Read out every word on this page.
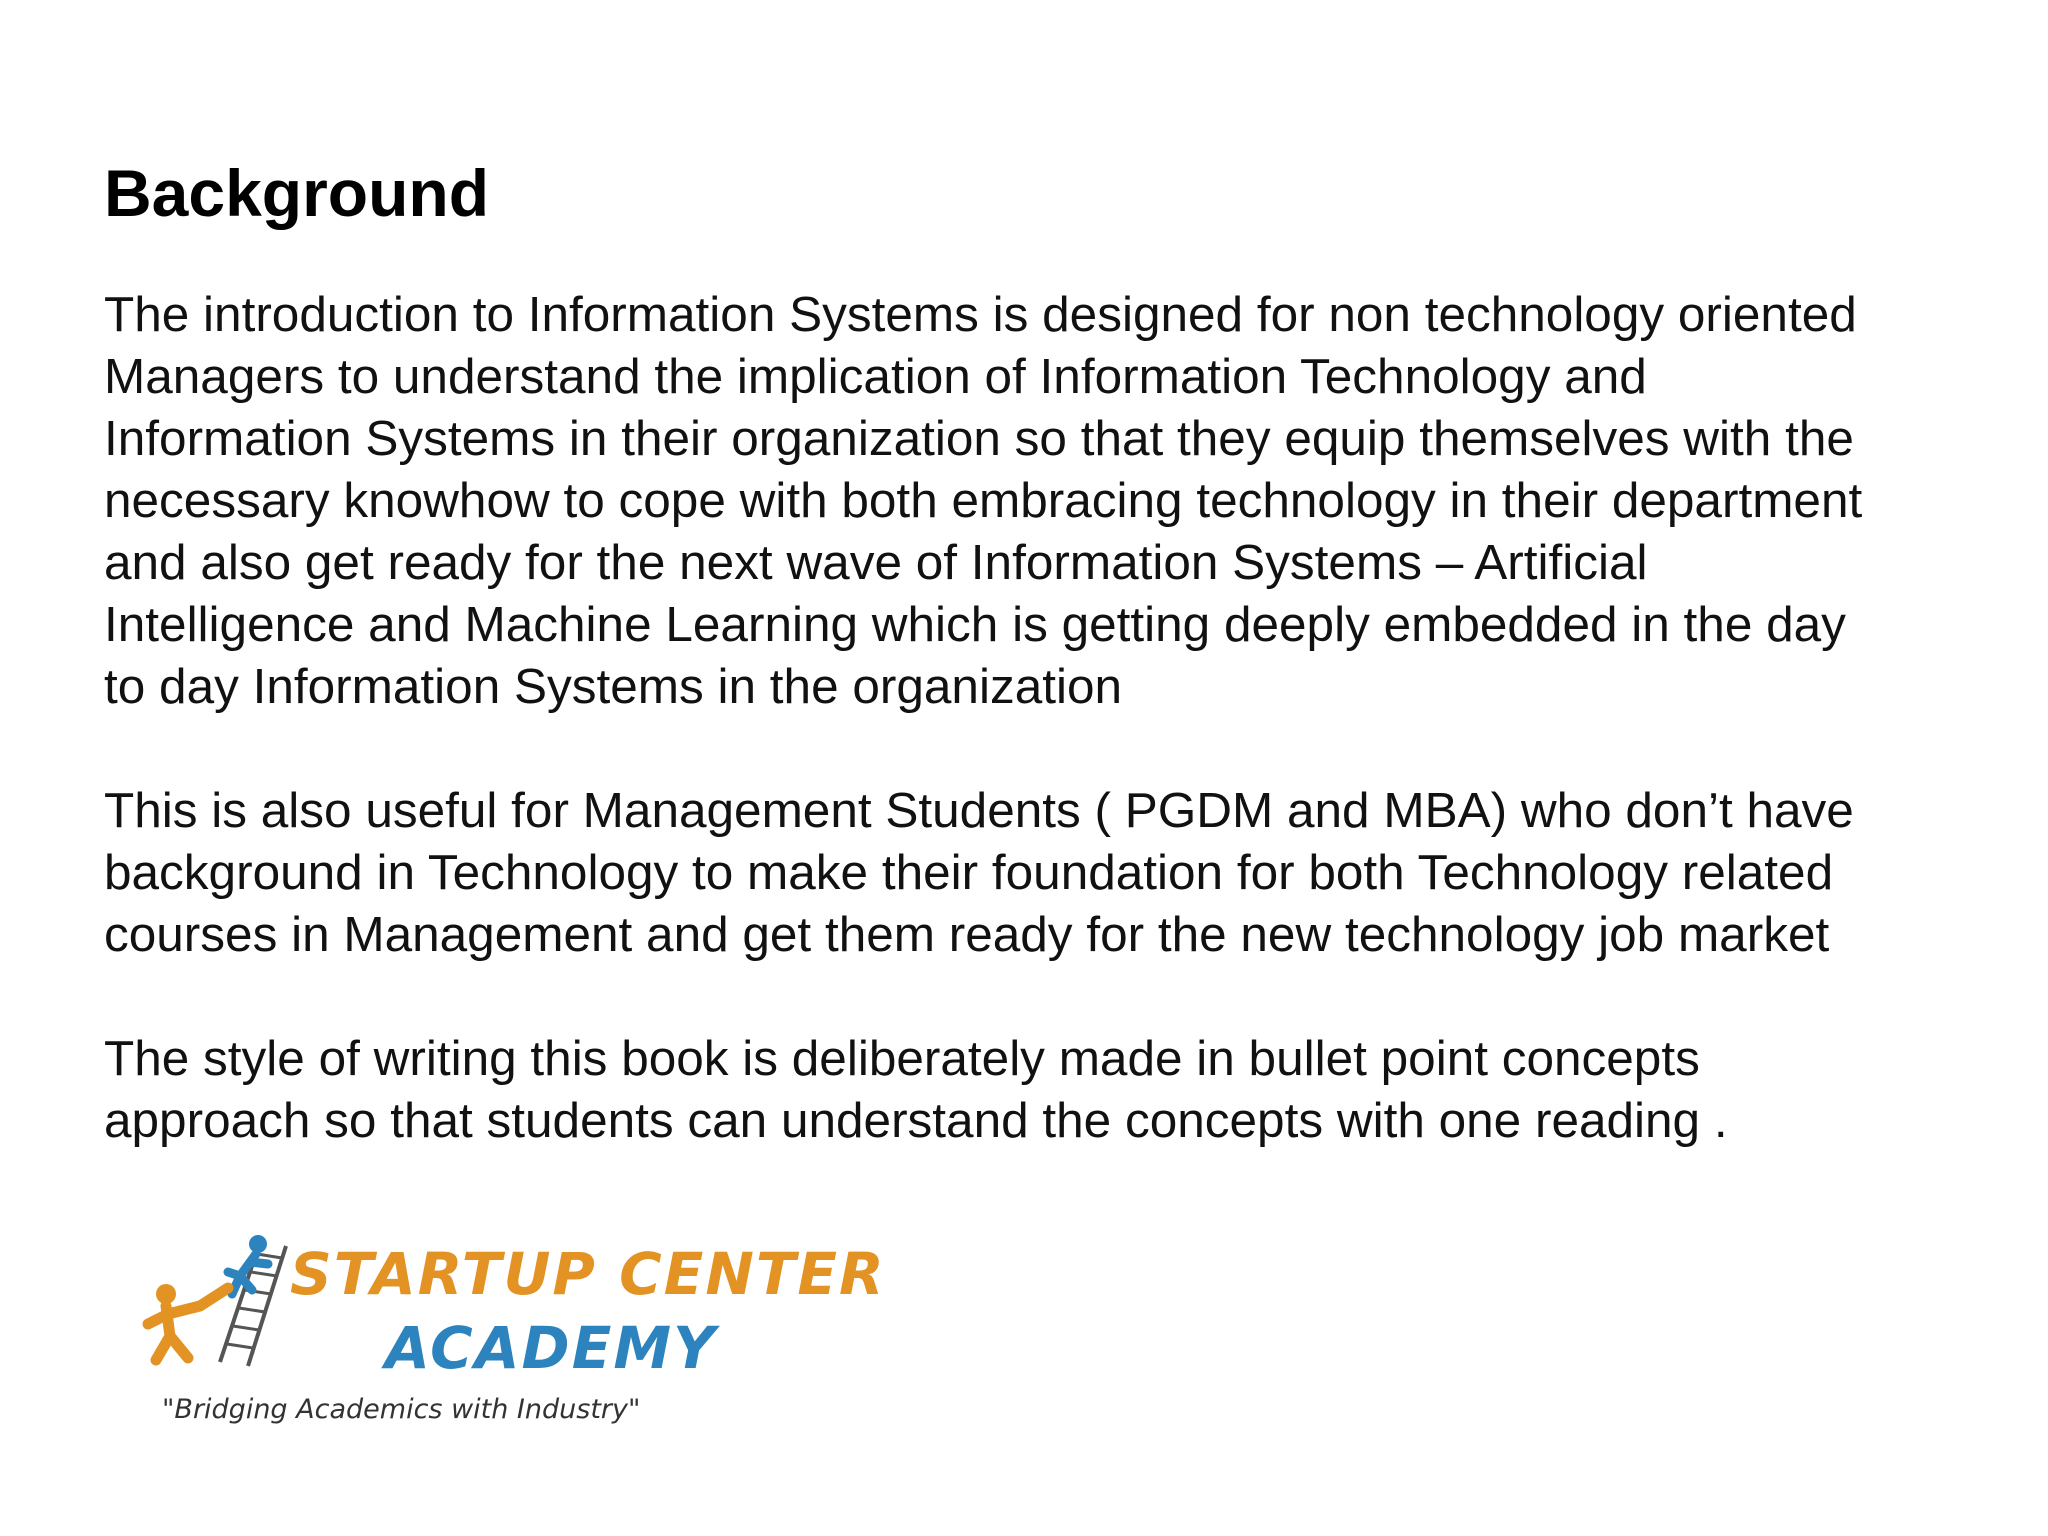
Background

The introduction to Information Systems is designed for non technology oriented
Managers to understand the implication of Information Technology and
Information Systems in their organization so that they equip themselves with the
necessary knowhow to cope with both embracing technology in their department
and also get ready for the next wave of Information Systems – Artificial
Intelligence and Machine Learning which is getting deeply embedded in the day
to day Information Systems in the organization

This is also useful for Management Students ( PGDM and MBA) who don’t have
background in Technology to make their foundation for both Technology related
courses in Management and get them ready for the new technology job market

The style of writing this book is deliberately made in bullet point concepts
approach so that students can understand the concepts with one reading .

STARTUP CENTER
ACADEMY
"Bridging Academics with Industry"
